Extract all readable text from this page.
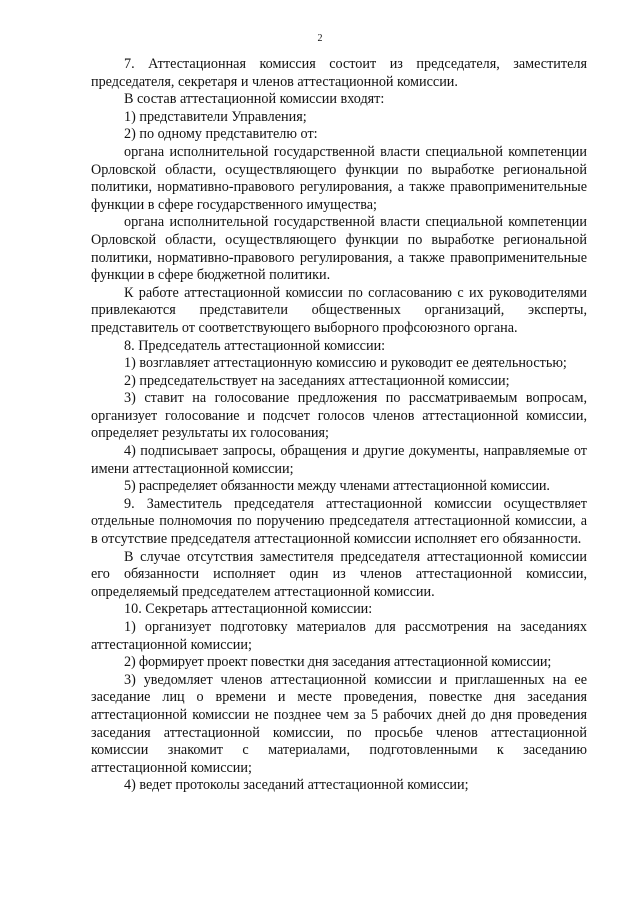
2

7. Аттестационная комиссия состоит из председателя, заместителя председателя, секретаря и членов аттестационной комиссии.

В состав аттестационной комиссии входят:

1) представители Управления;

2) по одному представителю от:

органа исполнительной государственной власти специальной компетенции Орловской области, осуществляющего функции по выработке региональной политики, нормативно-правового регулирования, а также правоприменительные функции в сфере государственного имущества;

органа исполнительной государственной власти специальной компетенции Орловской области, осуществляющего функции по выработке региональной политики, нормативно-правового регулирования, а также правоприменительные функции в сфере бюджетной политики.

К работе аттестационной комиссии по согласованию с их руководителями привлекаются представители общественных организаций, эксперты, представитель от соответствующего выборного профсоюзного органа.

8. Председатель аттестационной комиссии:

1) возглавляет аттестационную комиссию и руководит ее деятельностью;

2) председательствует на заседаниях аттестационной комиссии;

3) ставит на голосование предложения по рассматриваемым вопросам, организует голосование и подсчет голосов членов аттестационной комиссии, определяет результаты их голосования;

4) подписывает запросы, обращения и другие документы, направляемые от имени аттестационной комиссии;

5) распределяет обязанности между членами аттестационной комиссии.

9. Заместитель председателя аттестационной комиссии осуществляет отдельные полномочия по поручению председателя аттестационной комиссии, а в отсутствие председателя аттестационной комиссии исполняет его обязанности.

В случае отсутствия заместителя председателя аттестационной комиссии его обязанности исполняет один из членов аттестационной комиссии, определяемый председателем аттестационной комиссии.

10. Секретарь аттестационной комиссии:

1) организует подготовку материалов для рассмотрения на заседаниях аттестационной комиссии;

2) формирует проект повестки дня заседания аттестационной комиссии;

3) уведомляет членов аттестационной комиссии и приглашенных на ее заседание лиц о времени и месте проведения, повестке дня заседания аттестационной комиссии не позднее чем за 5 рабочих дней до дня проведения заседания аттестационной комиссии, по просьбе членов аттестационной комиссии знакомит с материалами, подготовленными к заседанию аттестационной комиссии;

4) ведет протоколы заседаний аттестационной комиссии;
